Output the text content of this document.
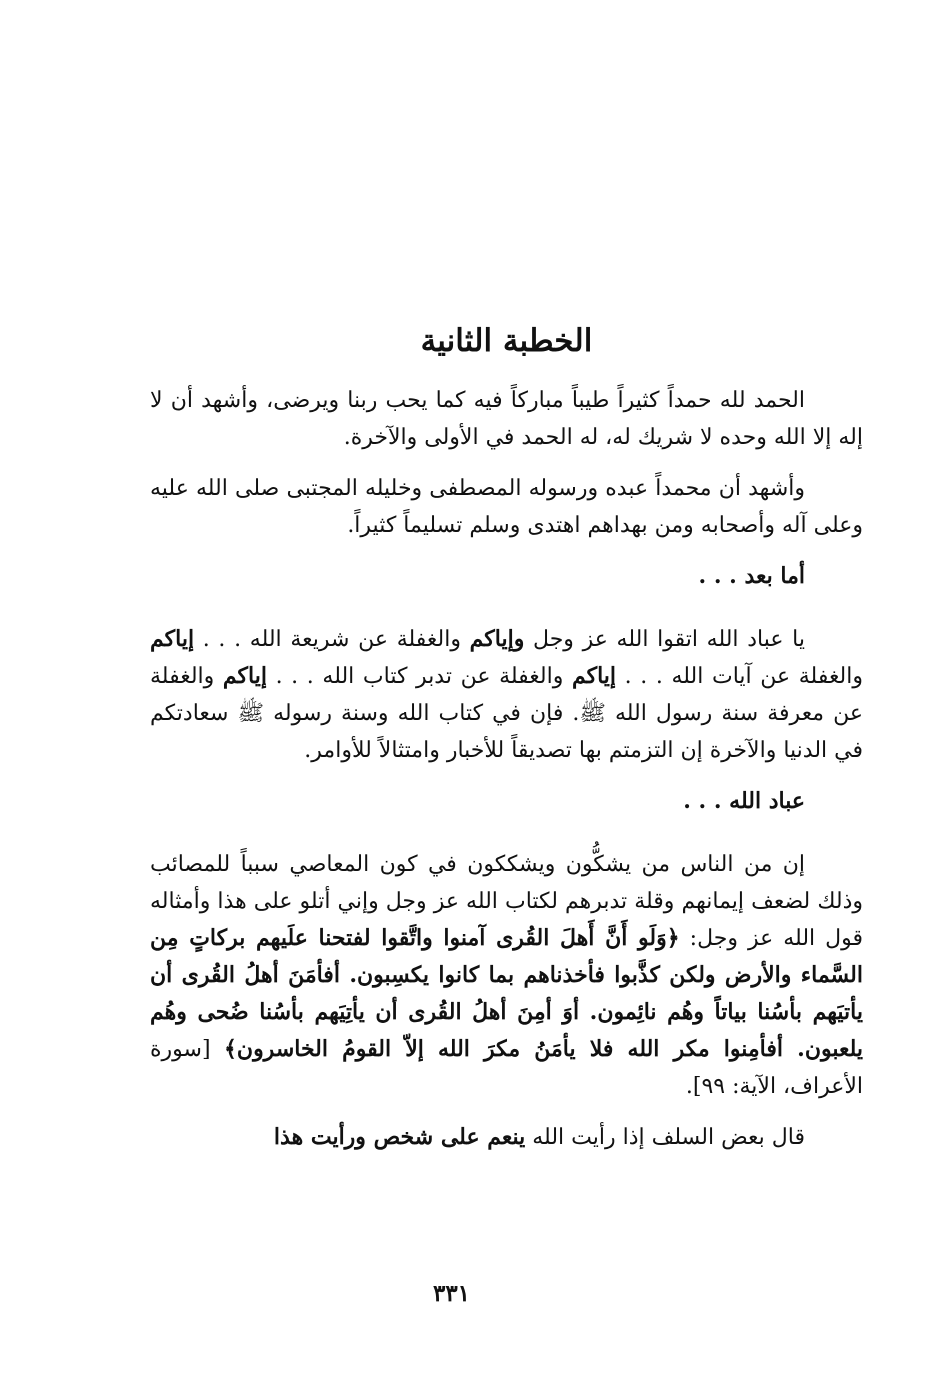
الخطبة الثانية

الحمد لله حمداً كثيراً طيباً مباركاً فيه كما يحب ربنا ويرضى، وأشهد أن لا إله إلا الله وحده لا شريك له، له الحمد في الأولى والآخرة.

وأشهد أن محمداً عبده ورسوله المصطفى وخليله المجتبى صلى الله عليه وعلى آله وأصحابه ومن بهداهم اهتدى وسلم تسليماً كثيراً.

أما بعد . . .

يا عباد الله اتقوا الله عز وجل وإياكم والغفلة عن شريعة الله . . . إياكم والغفلة عن آيات الله . . . إياكم والغفلة عن تدبر كتاب الله . . . إياكم والغفلة عن معرفة سنة رسول الله ﷺ. فإن في كتاب الله وسنة رسوله ﷺ سعادتكم في الدنيا والآخرة إن التزمتم بها تصديقاً للأخبار وامتثالاً للأوامر.

عباد الله . . .

إن من الناس من يشكُّون ويشككون في كون المعاصي سبباً للمصائب وذلك لضعف إيمانهم وقلة تدبرهم لكتاب الله عز وجل وإني أتلو على هذا وأمثاله قول الله عز وجل: ﴿وَلَو أَنَّ أَهلَ القُرى آمنوا واتَّقوا لفتحنا علَيهم بركاتٍ مِن السَّماء والأرض ولكن كذَّبوا فأخذناهم بما كانوا يكسِبون. أفأمَنَ أهلُ القُرى أن يأتيَهم بأسُنا بياتاً وهُم نائِمون. أوَ أمِنَ أهلُ القُرى أن يأتِيَهم بأسُنا ضُحى وهُم يلعبون. أفأمِنوا مكر الله فلا يأمَنُ مكرَ الله إلاّ القومُ الخاسرون﴾ [سورة الأعراف، الآية: ٩٩].

قال بعض السلف إذا رأيت الله ينعم على شخص ورأيت هذا

٣٣١
